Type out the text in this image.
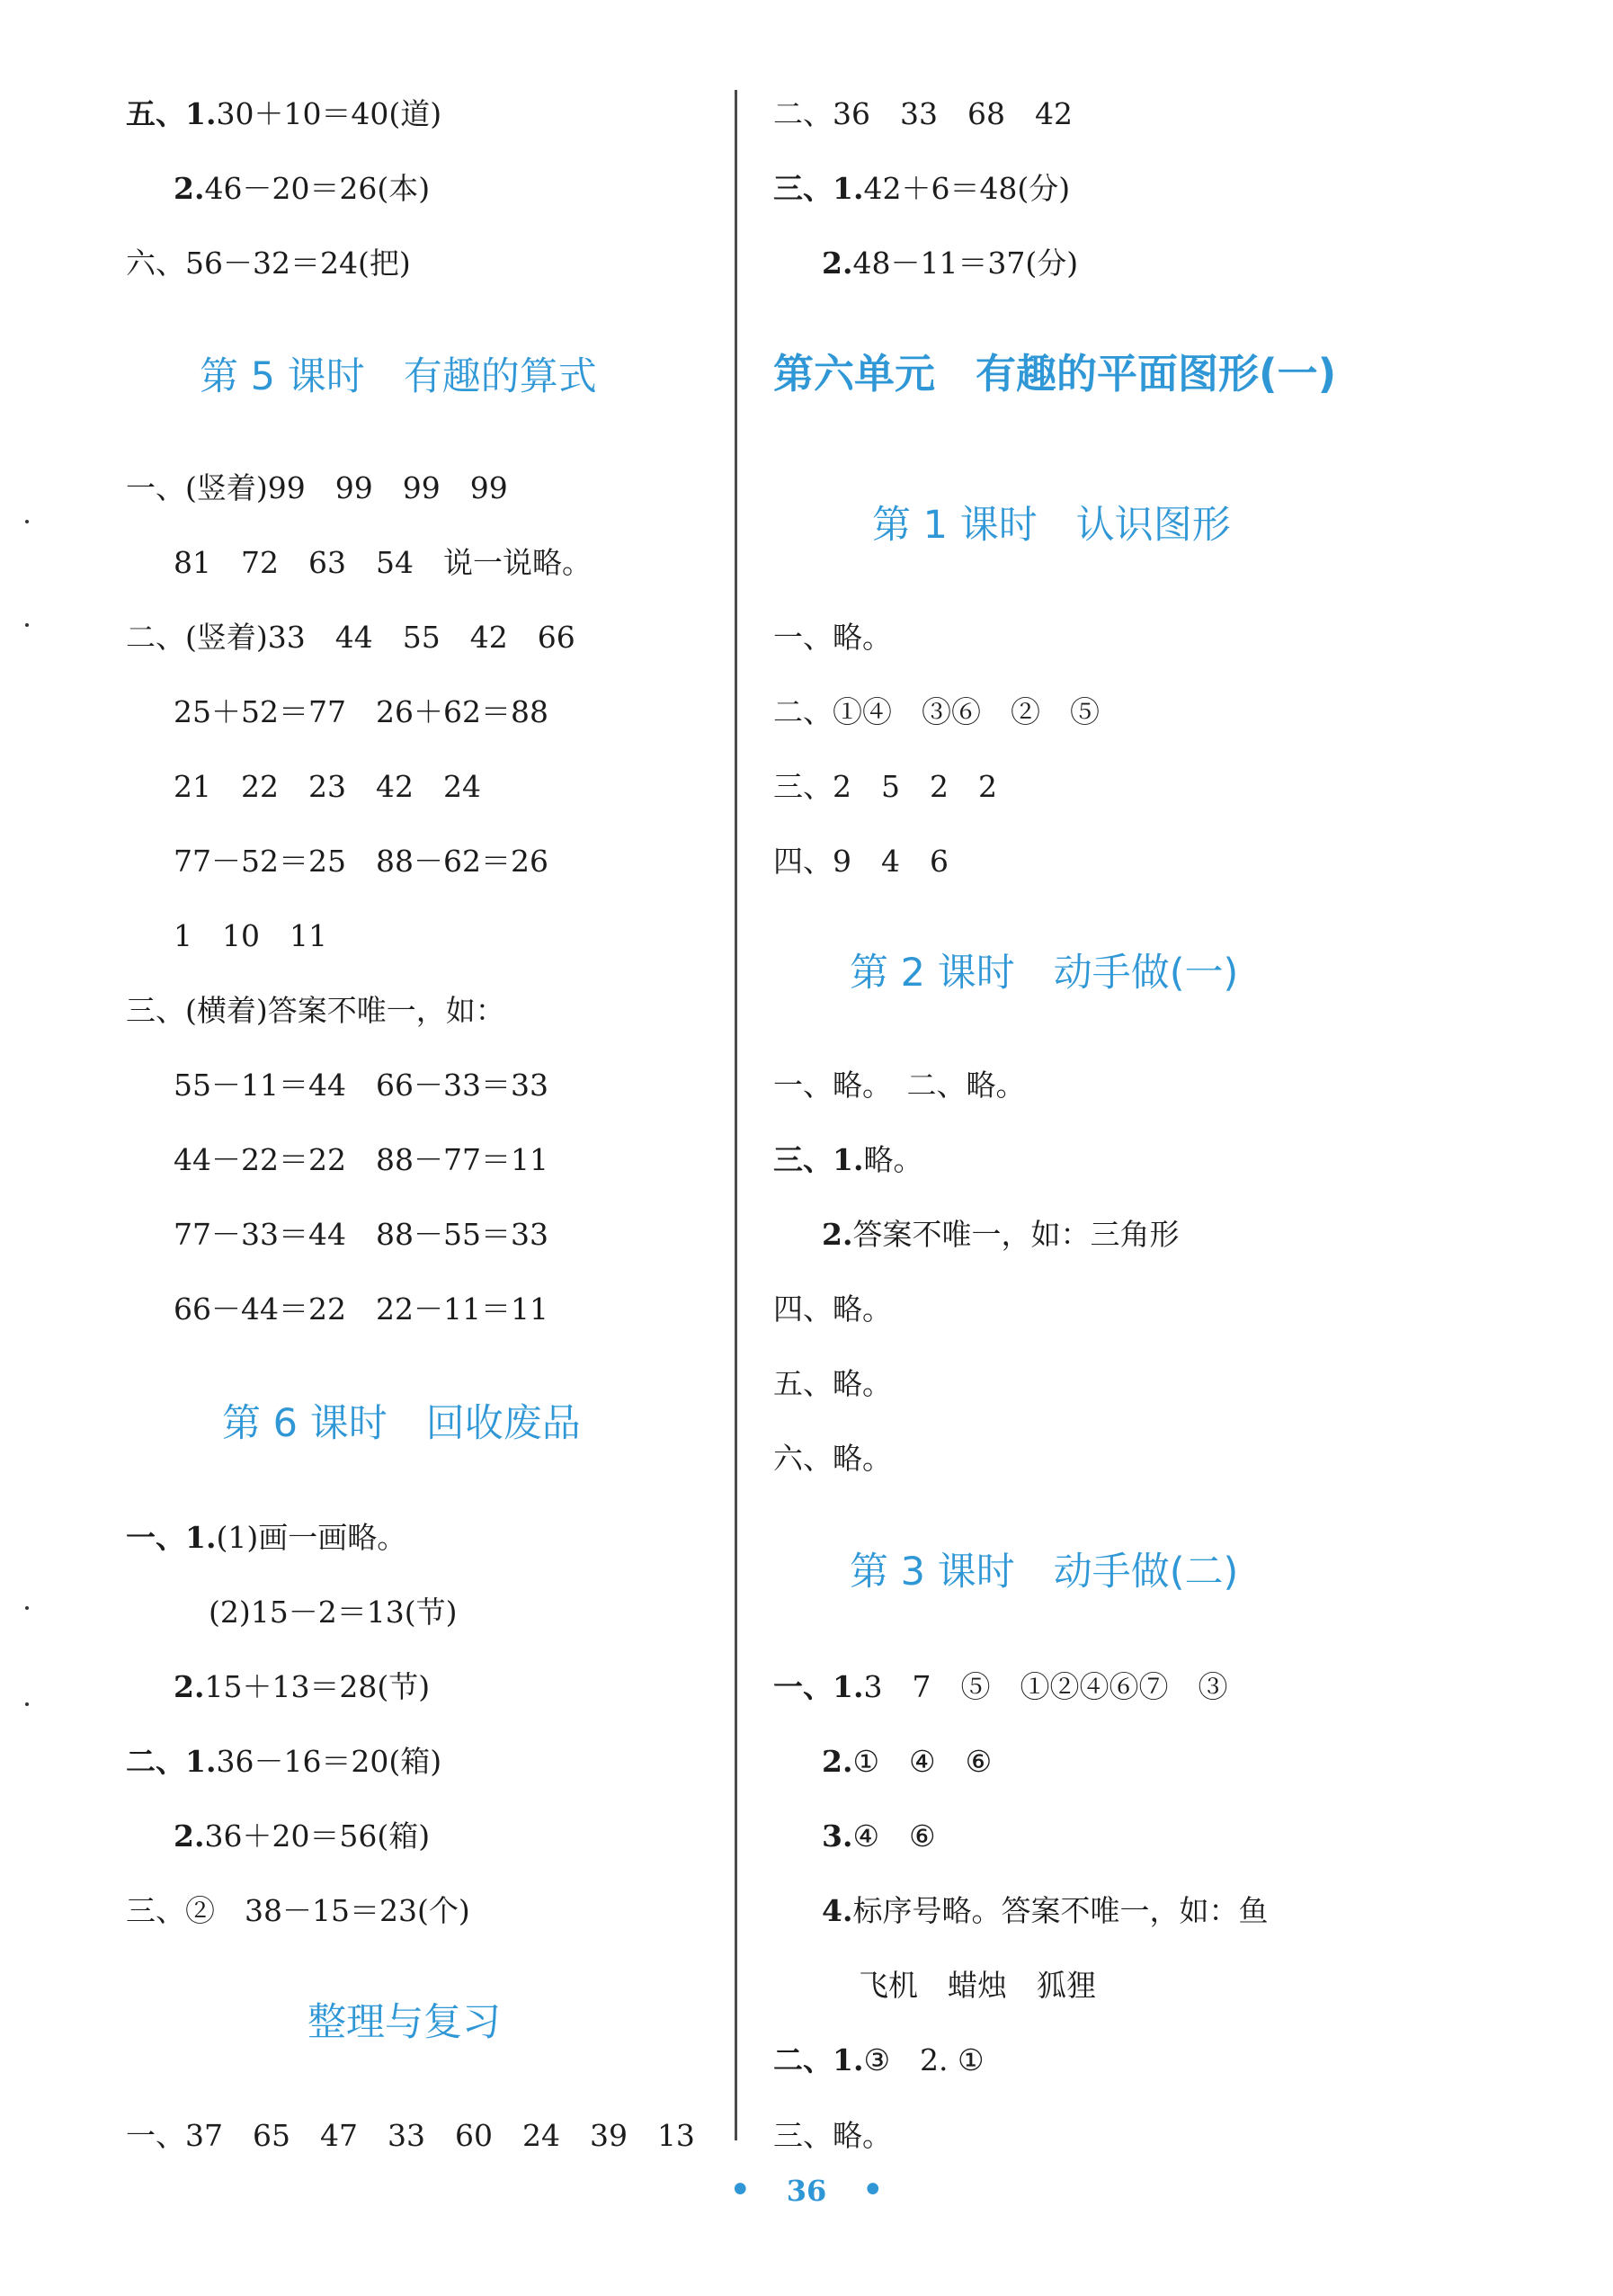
五、1.30＋10＝40(道)
2.46－20＝26(本)
六、56－32＝24(把)
第 5 课时　有趣的算式
一、(竖着)99　99　99　99
81　72　63　54　说一说略。
二、(竖着)33　44　55　42　66
25＋52＝77　26＋62＝88
21　22　23　42　24
77－52＝25　88－62＝26
1　10　11
三、(横着)答案不唯一，如：
55－11＝44　66－33＝33
44－22＝22　88－77＝11
77－33＝44　88－55＝33
66－44＝22　22－11＝11
第 6 课时　回收废品
一、1.(1)画一画略。
(2)15－2＝13(节)
2.15＋13＝28(节)
二、1.36－16＝20(箱)
2.36＋20＝56(箱)
三、②　38－15＝23(个)
整理与复习
一、37　65　47　33　60　24　39　13
二、36　33　68　42
三、1.42＋6＝48(分)
2.48－11＝37(分)
第六单元　有趣的平面图形(一)
第 1 课时　认识图形
一、略。
二、①④　③⑥　②　⑤
三、2　5　2　2
四、9　4　6
第 2 课时　动手做(一)
一、略。　二、略。
三、1.略。
2.答案不唯一，如：三角形
四、略。
五、略。
六、略。
第 3 课时　动手做(二)
一、1.3　7　⑤　①②④⑥⑦　③
2.①　④　⑥
3.④　⑥
4.标序号略。答案不唯一，如：鱼
飞机　蜡烛　狐狸
二、1.③　2. ①
三、略。
• 36 •
